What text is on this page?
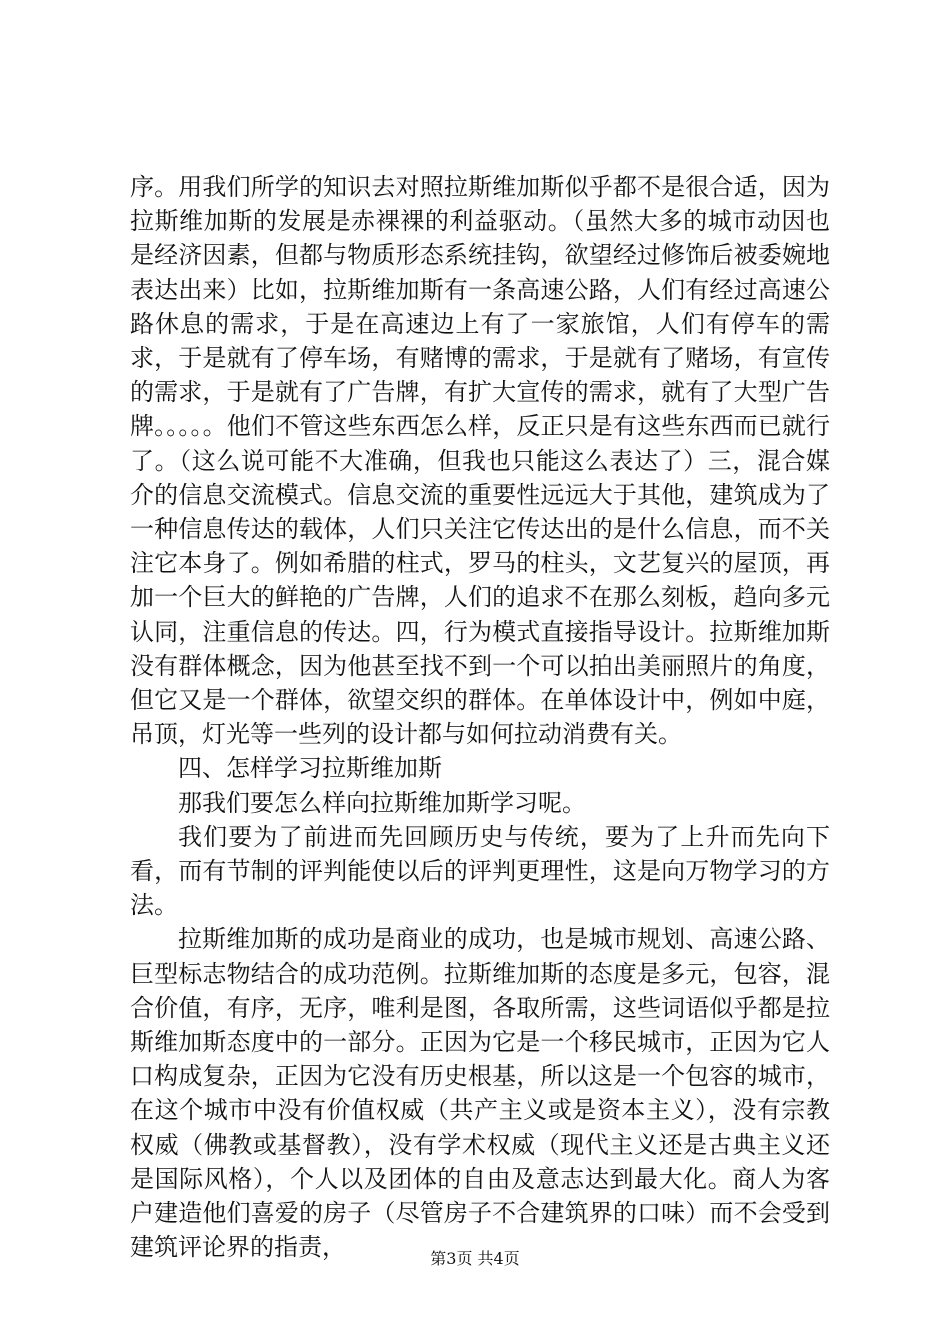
序。用我们所学的知识去对照拉斯维加斯似乎都不是很合适，因为拉斯维加斯的发展是赤裸裸的利益驱动。（虽然大多的城市动因也是经济因素，但都与物质形态系统挂钩，欲望经过修饰后被委婉地表达出来）比如，拉斯维加斯有一条高速公路，人们有经过高速公路休息的需求，于是在高速边上有了一家旅馆，人们有停车的需求，于是就有了停车场，有赌博的需求，于是就有了赌场，有宣传的需求，于是就有了广告牌，有扩大宣传的需求，就有了大型广告牌。。。。。他们不管这些东西怎么样，反正只是有这些东西而已就行了。（这么说可能不大准确，但我也只能这么表达了）三，混合媒介的信息交流模式。信息交流的重要性远远大于其他，建筑成为了一种信息传达的载体，人们只关注它传达出的是什么信息，而不关注它本身了。例如希腊的柱式，罗马的柱头，文艺复兴的屋顶，再加一个巨大的鲜艳的广告牌，人们的追求不在那么刻板，趋向多元认同，注重信息的传达。四，行为模式直接指导设计。拉斯维加斯没有群体概念，因为他甚至找不到一个可以拍出美丽照片的角度，但它又是一个群体，欲望交织的群体。在单体设计中，例如中庭，吊顶，灯光等一些列的设计都与如何拉动消费有关。

四、怎样学习拉斯维加斯

那我们要怎么样向拉斯维加斯学习呢。

我们要为了前进而先回顾历史与传统，要为了上升而先向下看，而有节制的评判能使以后的评判更理性，这是向万物学习的方法。

拉斯维加斯的成功是商业的成功，也是城市规划、高速公路、巨型标志物结合的成功范例。拉斯维加斯的态度是多元，包容，混合价值，有序，无序，唯利是图，各取所需，这些词语似乎都是拉斯维加斯态度中的一部分。正因为它是一个移民城市，正因为它人口构成复杂，正因为它没有历史根基，所以这是一个包容的城市，在这个城市中没有价值权威（共产主义或是资本主义），没有宗教权威（佛教或基督教），没有学术权威（现代主义还是古典主义还是国际风格），个人以及团体的自由及意志达到最大化。商人为客户建造他们喜爱的房子（尽管房子不合建筑界的口味）而不会受到建筑评论界的指责，	第3页 共4页
